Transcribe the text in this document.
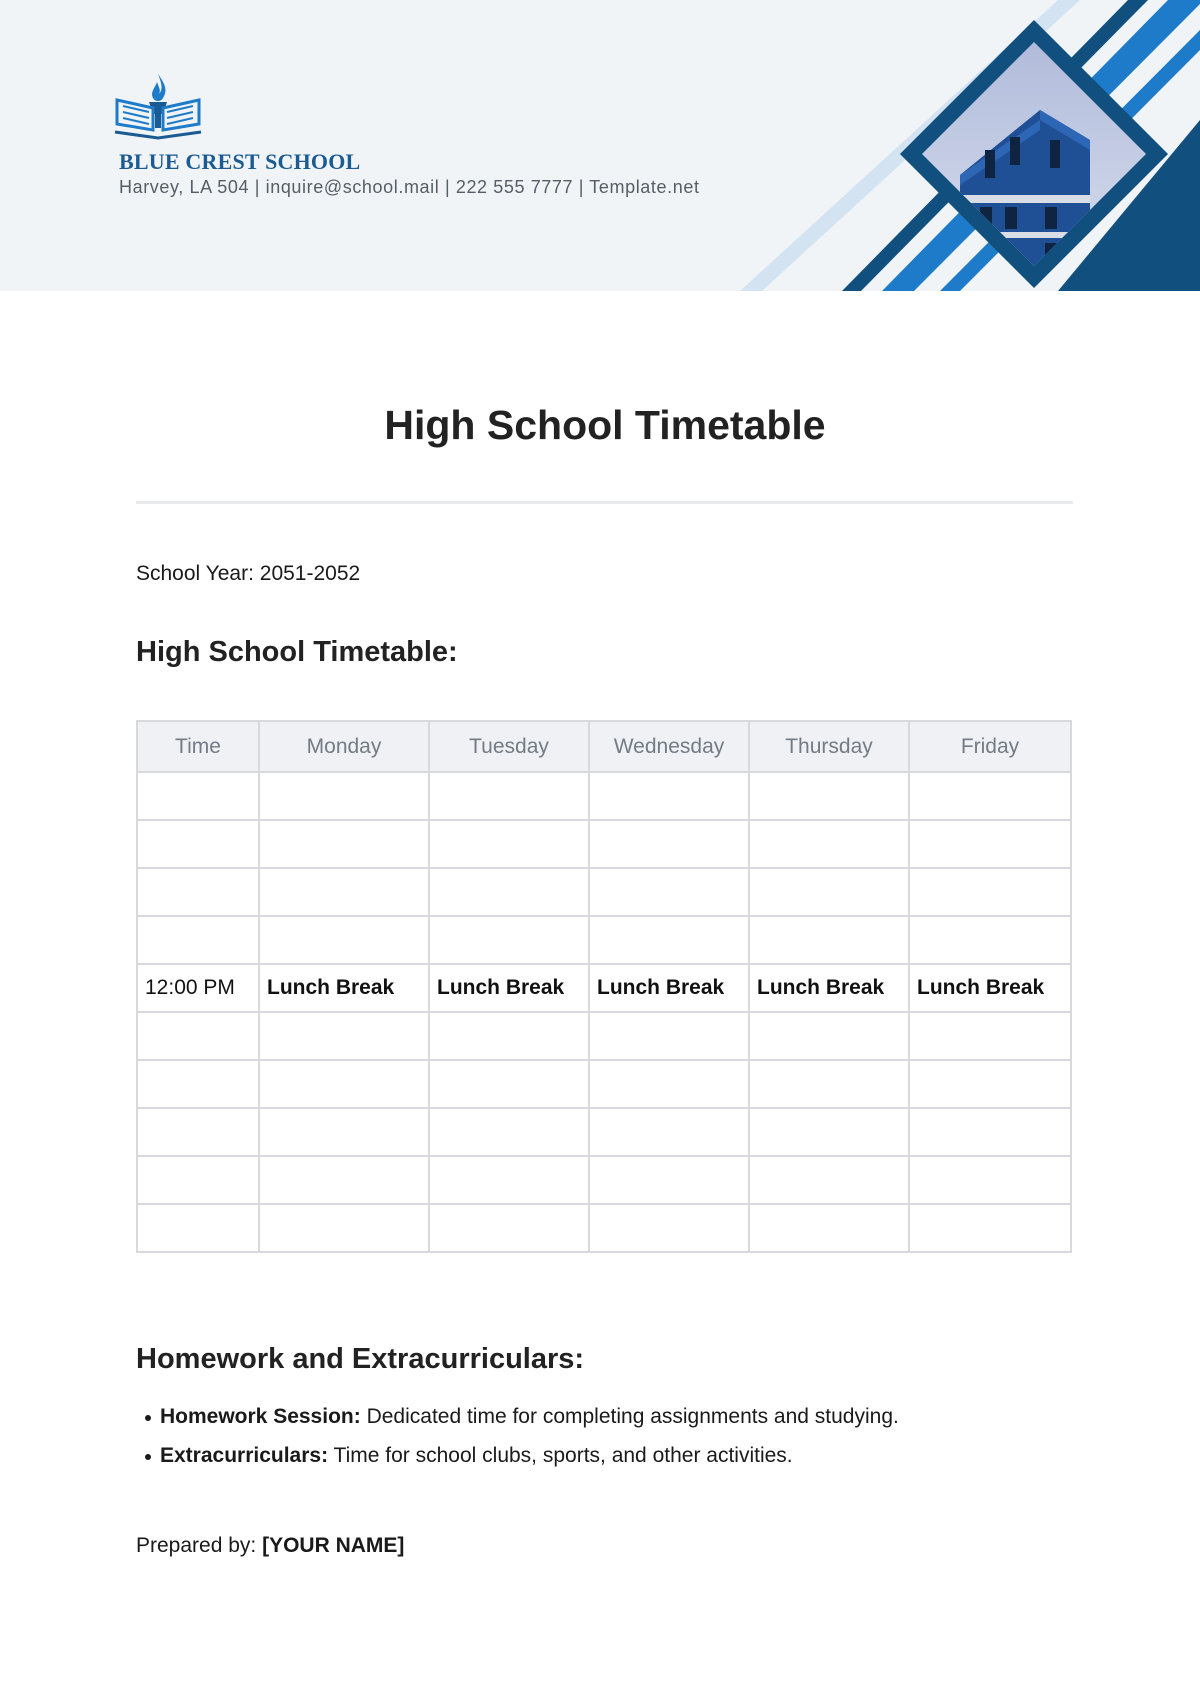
BLUE CREST SCHOOL
Harvey, LA 504 | inquire@school.mail | 222 555 7777 | Template.net
High School Timetable
School Year: 2051-2052
High School Timetable:
Time	Monday	Tuesday	Wednesday	Thursday	Friday

12:00 PM	Lunch Break	Lunch Break	Lunch Break	Lunch Break	Lunch Break

Homework and Extracurriculars:
Homework Session: Dedicated time for completing assignments and studying.
Extracurriculars: Time for school clubs, sports, and other activities.
Prepared by: [YOUR NAME]
